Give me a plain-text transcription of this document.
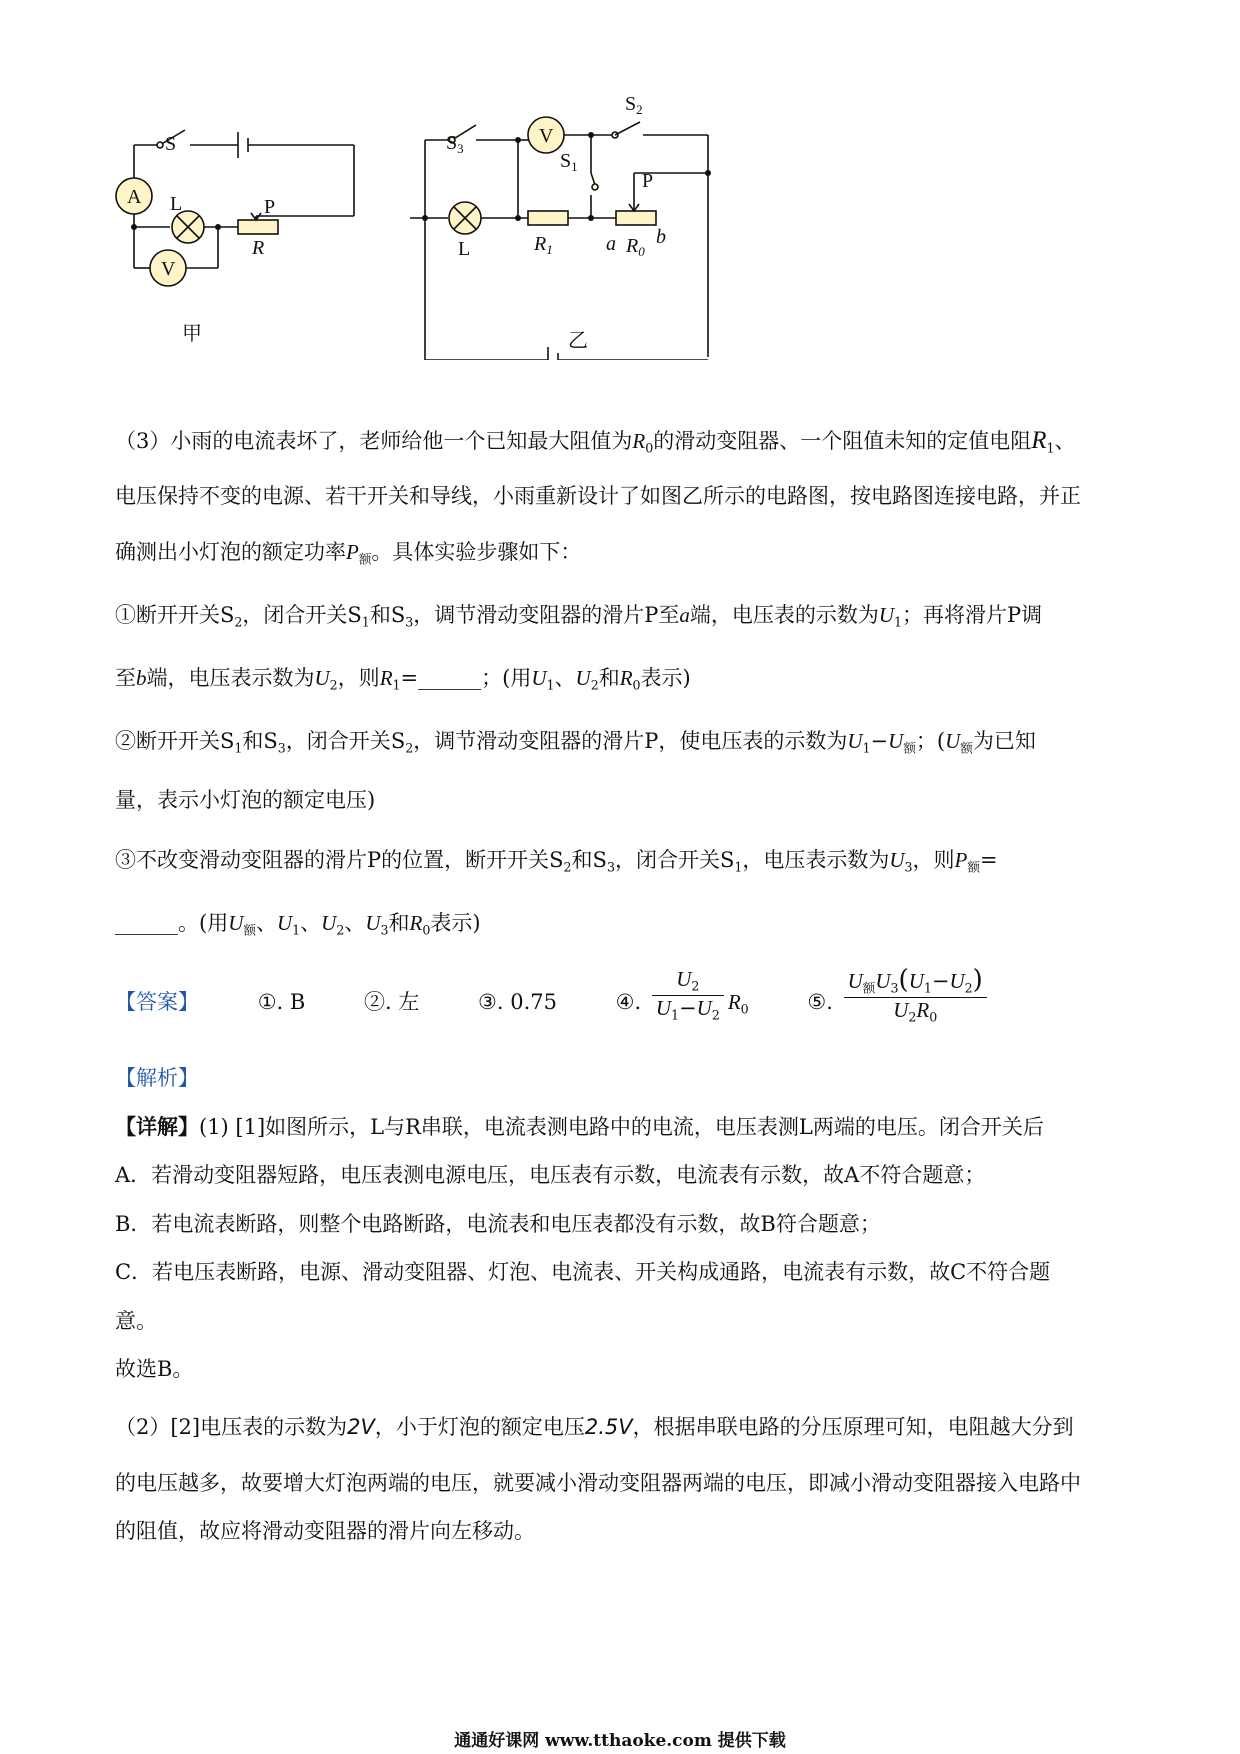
A
V
S
L	P
R
甲
V
$S_2$
$S_3$
$S_1$
P
L	$R_1$	a $R_0$
b
乙
（3）小雨的电流表坏了，老师给他一个已知最大阻值为$R_0$的滑动变阻器、一个阻值未知的定值电阻$R_1$、
电压保持不变的电源、若干开关和导线，小雨重新设计了如图乙所示的电路图，按电路图连接电路，并正
确测出小灯泡的额定功率$P_额$。具体实验步骤如下：
①断开开关$S_2$，闭合开关$S_1$和$S_3$，调节滑动变阻器的滑片P至a端，电压表的示数为$U_1$；再将滑片P调
至b端，电压表示数为$U_2$，则$R_1=\_\_\_\_\_\_$；(用$U_1$、$U_2$和$R_0$表示)
②断开开关$S_1$和$S_3$，闭合开关$S_2$，调节滑动变阻器的滑片P，使电压表的示数为$U_1-U_额$；($U_额$为已知
量，表示小灯泡的额定电压)
③不改变滑动变阻器的滑片P的位置，断开开关$S_2$和$S_3$，闭合开关$S_1$，电压表示数为$U_3$，则$P_额=$
______。(用$U_额$、$U_1$、$U_2$、$U_3$和$R_0$表示)
【答案】	①. B	②. 左	③. 0.75	④. $\frac{U_2}{U_1-U_2} R_0$	⑤. $\frac{U_额U_3(U_1-U_2)}{U_2R_0}$
【解析】
【详解】(1) [1]如图所示，L与R串联，电流表测电路中的电流，电压表测L两端的电压。闭合开关后
A．若滑动变阻器短路，电压表测电源电压，电压表有示数，电流表有示数，故A不符合题意；
B．若电流表断路，则整个电路断路，电流表和电压表都没有示数，故B符合题意；
C．若电压表断路，电源、滑动变阻器、灯泡、电流表、开关构成通路，电流表有示数，故C不符合题
意。
故选B。
（2）[2]电压表的示数为2V，小于灯泡的额定电压2.5V，根据串联电路的分压原理可知，电阻越大分到
的电压越多，故要增大灯泡两端的电压，就要减小滑动变阻器两端的电压，即减小滑动变阻器接入电路中
的阻值，故应将滑动变阻器的滑片向左移动。
通通好课网 www.tthaoke.com 提供下载
